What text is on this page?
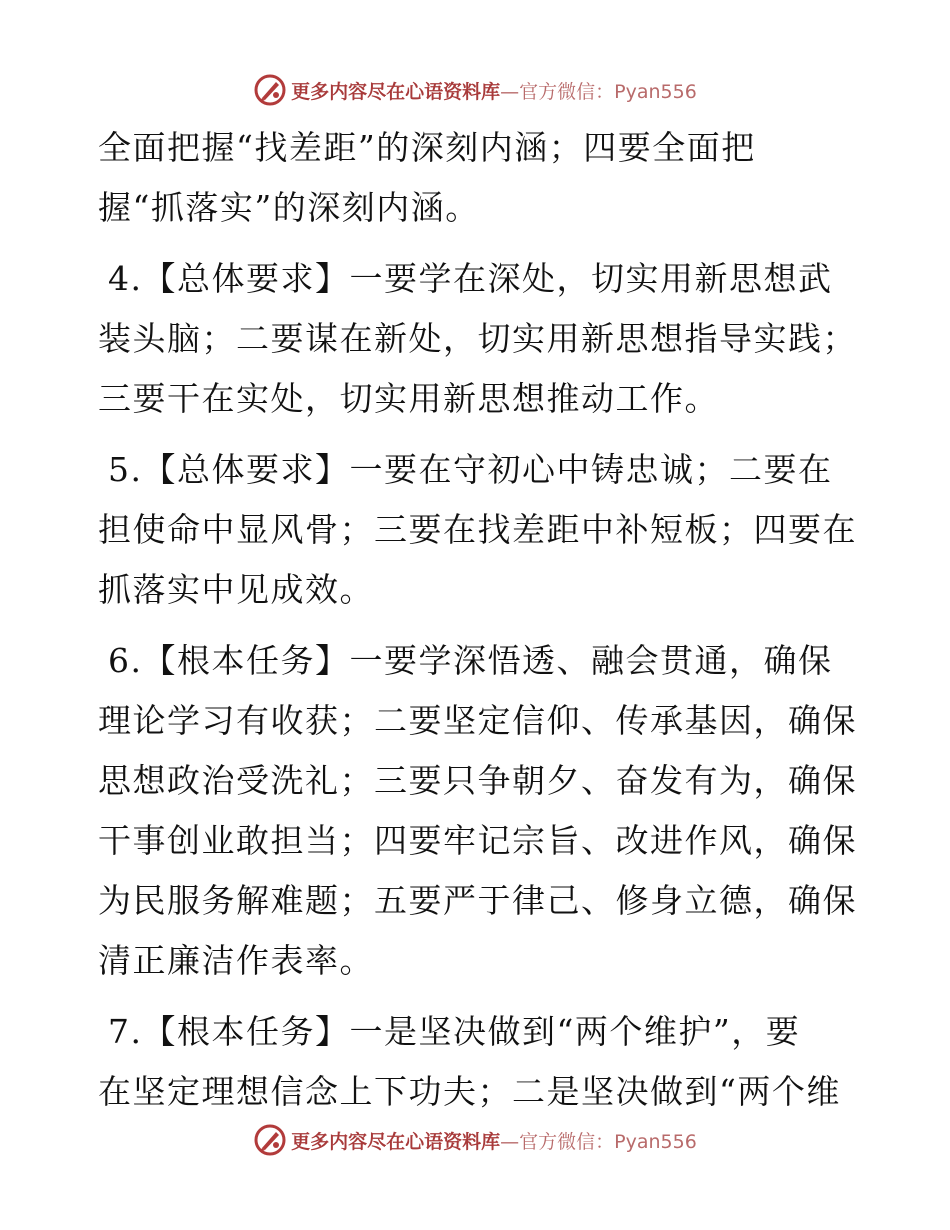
更多内容尽在心语资料库—官方微信：Pyan556

全面把握“找差距”的深刻内涵；四要全面把
握“抓落实”的深刻内涵。

4.【总体要求】一要学在深处，切实用新思想武
装头脑；二要谋在新处，切实用新思想指导实践；
三要干在实处，切实用新思想推动工作。

5.【总体要求】一要在守初心中铸忠诚；二要在
担使命中显风骨；三要在找差距中补短板；四要在
抓落实中见成效。

6.【根本任务】一要学深悟透、融会贯通，确保
理论学习有收获；二要坚定信仰、传承基因，确保
思想政治受洗礼；三要只争朝夕、奋发有为，确保
干事创业敢担当；四要牢记宗旨、改进作风，确保
为民服务解难题；五要严于律己、修身立德，确保
清正廉洁作表率。

7.【根本任务】一是坚决做到“两个维护”，要
在坚定理想信念上下功夫；二是坚决做到“两个维

更多内容尽在心语资料库—官方微信：Pyan556
